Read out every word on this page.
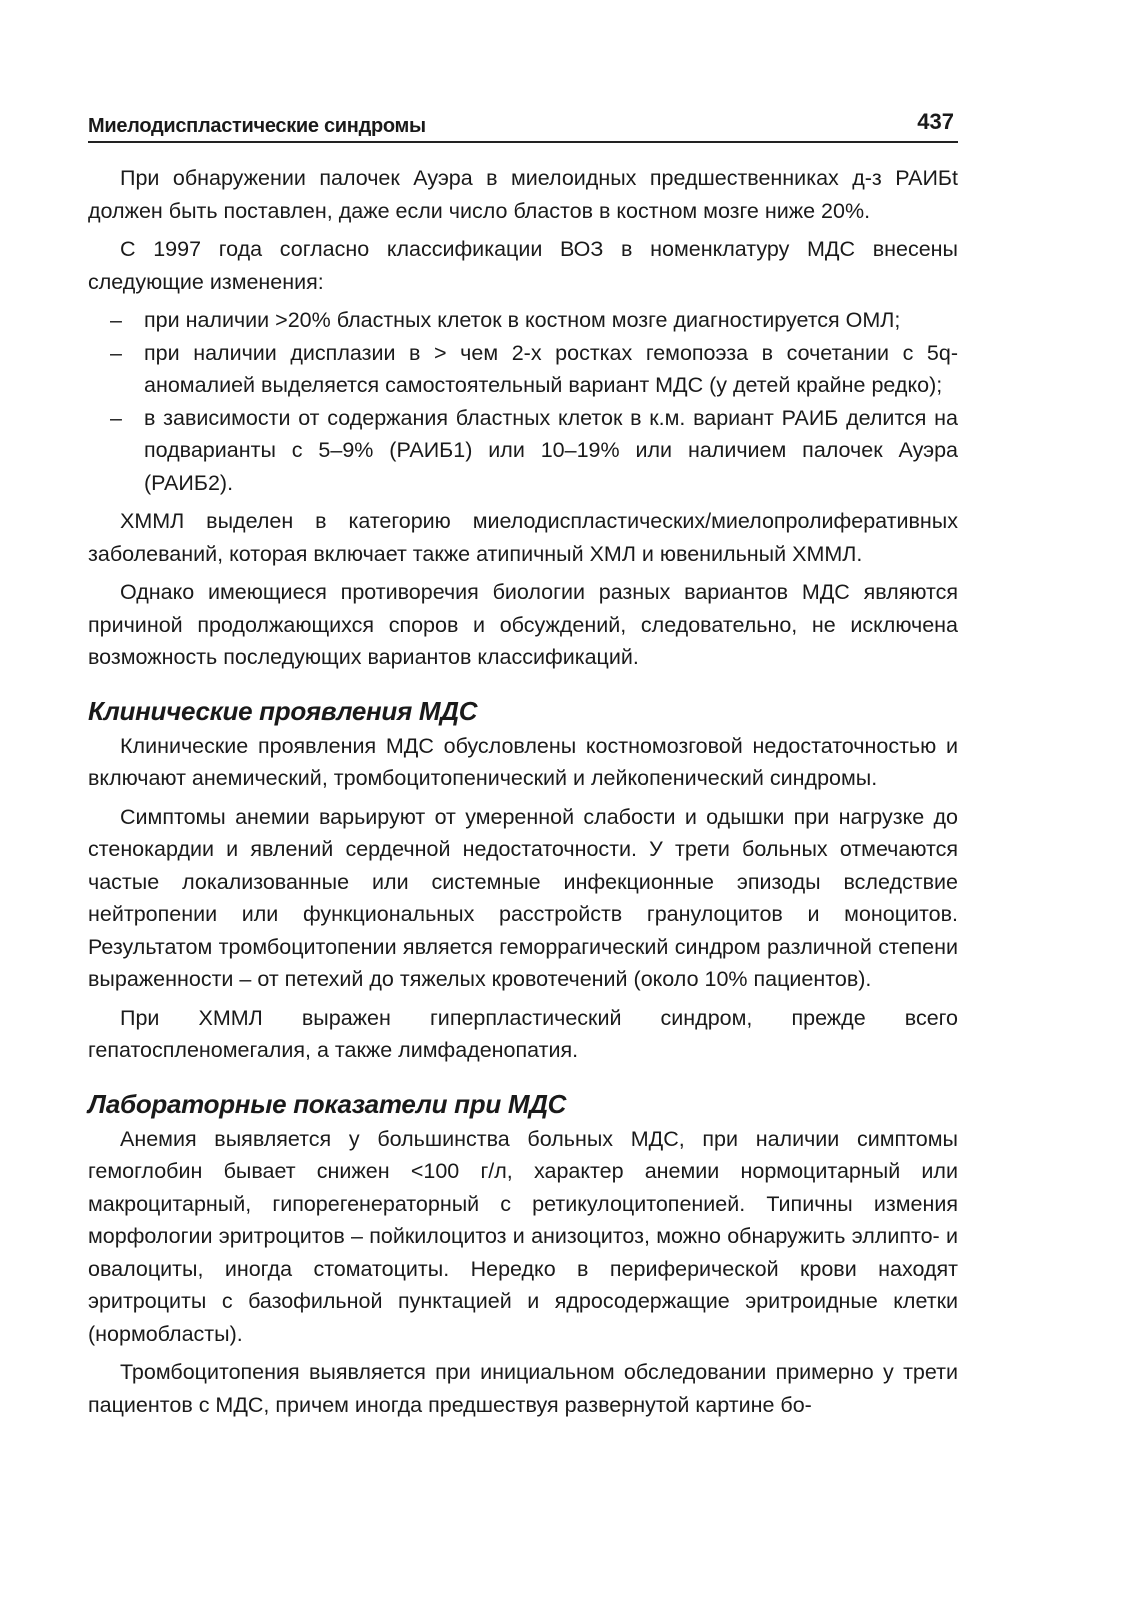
Миелодиспластические синдромы	437

При обнаружении палочек Ауэра в миелоидных предшественниках д-з РАИБt должен быть поставлен, даже если число бластов в костном мозге ниже 20%.

С 1997 года согласно классификации ВОЗ в номенклатуру МДС внесены следующие изменения:

– при наличии >20% бластных клеток в костном мозге диагностируется ОМЛ;
– при наличии дисплазии в > чем 2-х ростках гемопоэза в сочетании с 5q-аномалией выделяется самостоятельный вариант МДС (у детей крайне редко);
– в зависимости от содержания бластных клеток в к.м. вариант РАИБ делится на подварианты с 5–9% (РАИБ1) или 10–19% или наличием палочек Ауэра (РАИБ2).

ХММЛ выделен в категорию миелодиспластических/миелопролиферативных заболеваний, которая включает также атипичный ХМЛ и ювенильный ХММЛ.

Однако имеющиеся противоречия биологии разных вариантов МДС являются причиной продолжающихся споров и обсуждений, следовательно, не исключена возможность последующих вариантов классификаций.

Клинические проявления МДС

Клинические проявления МДС обусловлены костномозговой недостаточностью и включают анемический, тромбоцитопенический и лейкопенический синдромы.

Симптомы анемии варьируют от умеренной слабости и одышки при нагрузке до стенокардии и явлений сердечной недостаточности. У трети больных отмечаются частые локализованные или системные инфекционные эпизоды вследствие нейтропении или функциональных расстройств гранулоцитов и моноцитов. Результатом тромбоцитопении является геморрагический синдром различной степени выраженности – от петехий до тяжелых кровотечений (около 10% пациентов).

При ХММЛ выражен гиперпластический синдром, прежде всего гепатоспленомегалия, а также лимфаденопатия.

Лабораторные показатели при МДС

Анемия выявляется у большинства больных МДС, при наличии симптомы гемоглобин бывает снижен <100 г/л, характер анемии нормоцитарный или макроцитарный, гипорегенераторный с ретикулоцитопенией. Типичны измения морфологии эритроцитов – пойкилоцитоз и анизоцитоз, можно обнаружить эллипто- и овалоциты, иногда стоматоциты. Нередко в периферической крови находят эритроциты с базофильной пунктацией и ядросодержащие эритроидные клетки (нормобласты).

Тромбоцитопения выявляется при инициальном обследовании примерно у трети пациентов с МДС, причем иногда предшествуя развернутой картине бо-
